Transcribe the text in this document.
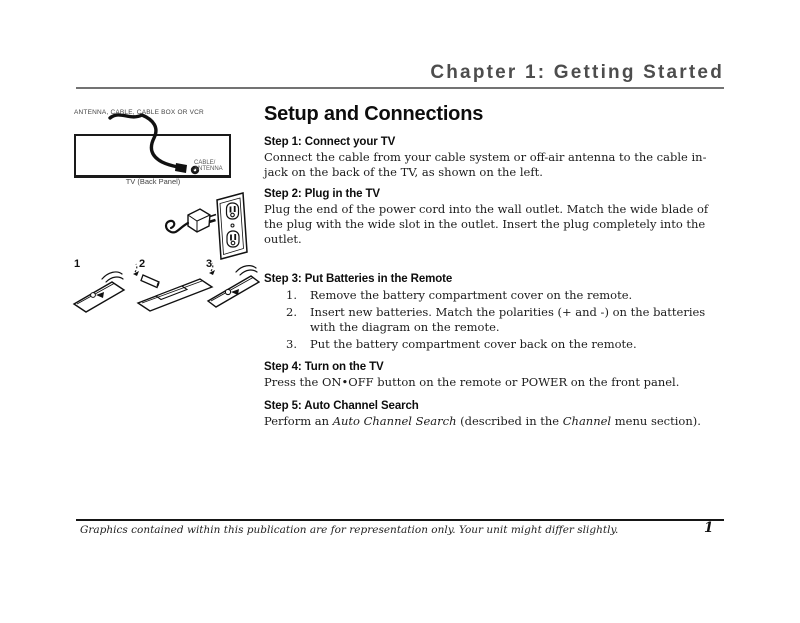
Chapter 1: Getting Started
ANTENNA, CABLE, CABLE BOX OR VCR
CABLE/
ANTENNA
TV (Back Panel)
1	2	3
Setup and Connections
Step 1: Connect your TV

Connect the cable from your cable system or off-air antenna to the cable in-jack on the back of the TV, as shown on the left.

Step 2: Plug in the TV

Plug the end of the power cord into the wall outlet. Match the wide blade of the plug with the wide slot in the outlet. Insert the plug completely into the outlet.

Step 3: Put Batteries in the Remote
1.	Remove the battery compartment cover on the remote.
2.	Insert new batteries. Match the polarities (+ and -) on the batteries with the diagram on the remote.
3.	Put the battery compartment cover back on the remote.
Step 4: Turn on the TV

Press the ON•OFF button on the remote or POWER on the front panel.

Step 5: Auto Channel Search

Perform an Auto Channel Search (described in the Channel menu section).

Graphics contained within this publication are for representation only. Your unit might differ slightly.	1
